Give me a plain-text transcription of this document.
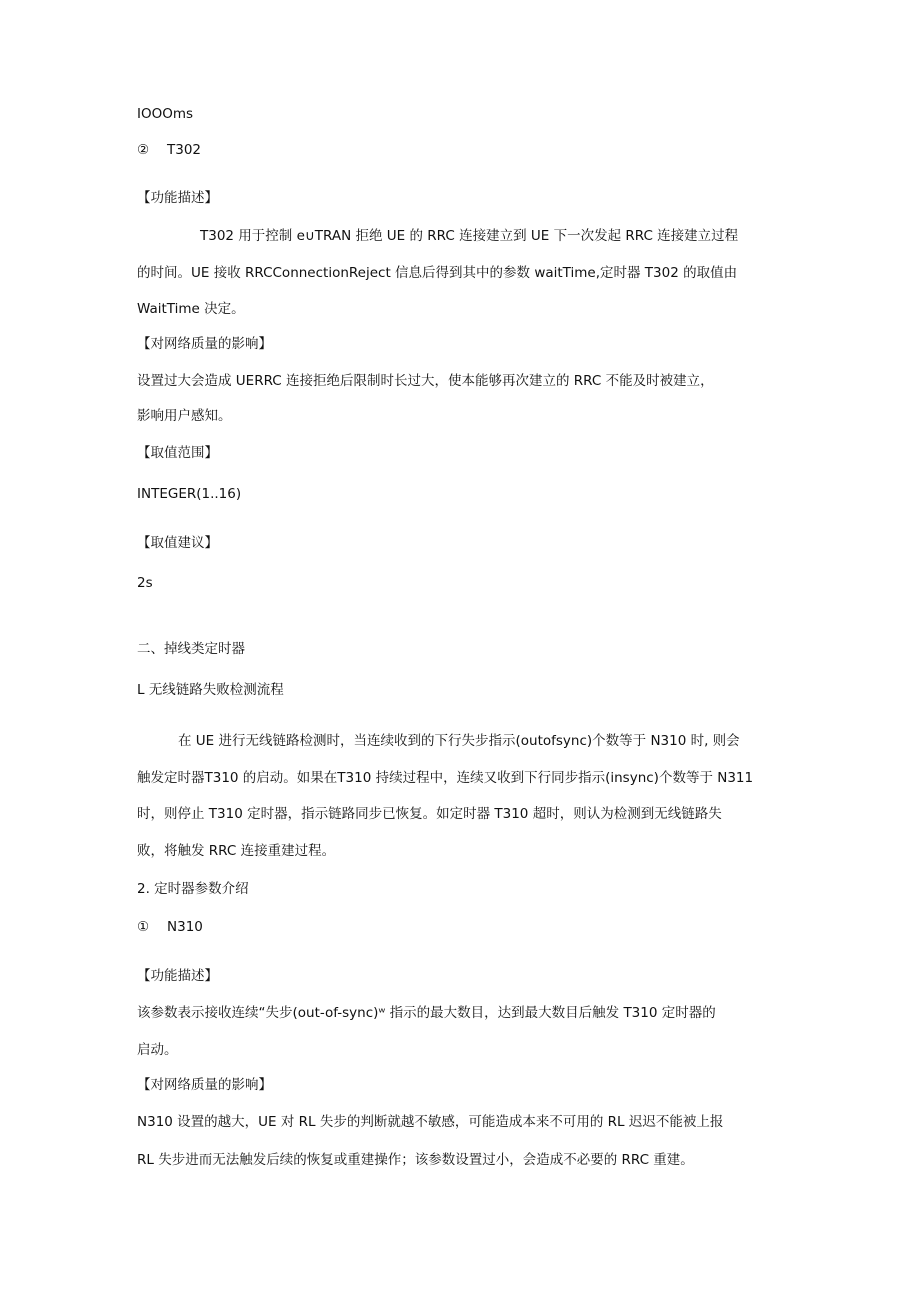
IOOOms
② T302
【功能描述】
T302 用于控制 e∪TRAN 拒绝 UE 的 RRC 连接建立到 UE 下一次发起 RRC 连接建立过程
的时间。UE 接收 RRCConnectionReject 信息后得到其中的参数 waitTime,定时器 T302 的取值由
WaitTime 决定。
【对网络质量的影响】
设置过大会造成 UERRC 连接拒绝后限制时长过大，使本能够再次建立的 RRC 不能及时被建立，
影响用户感知。
【取值范围】
INTEGER(1..16)
【取值建议】
2s
二、掉线类定时器
L 无线链路失败检测流程
在 UE 进行无线链路检测时，当连续收到的下行失步指示(outofsync)个数等于 N310 时, 则会
触发定时器T310 的启动。如果在T310 持续过程中，连续又收到下行同步指示(insync)个数等于 N311
时，则停止 T310 定时器，指示链路同步已恢复。如定时器 T310 超时，则认为检测到无线链路失
败，将触发 RRC 连接重建过程。
2. 定时器参数介绍
① N310
【功能描述】
该参数表示接收连续“失步(out-of-sync)ʷ 指示的最大数目，达到最大数目后触发 T310 定时器的
启动。
【对网络质量的影响】
N310 设置的越大，UE 对 RL 失步的判断就越不敏感，可能造成本来不可用的 RL 迟迟不能被上报
RL 失步进而无法触发后续的恢复或重建操作；该参数设置过小，会造成不必要的 RRC 重建。
